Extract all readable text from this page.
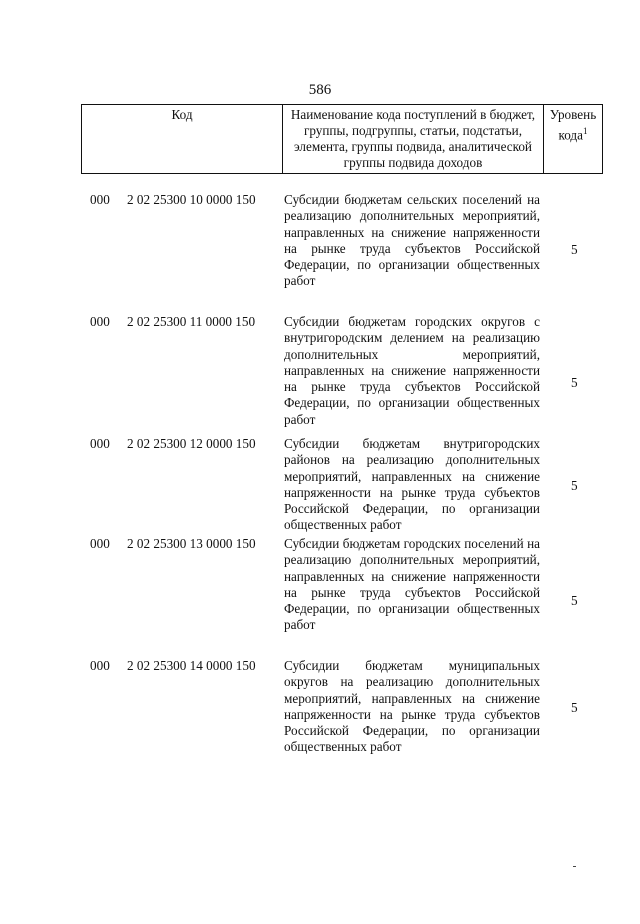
586
Код	Наименование кода поступлений в бюджет, группы, подгруппы, статьи, подстатьи, элемента, группы подвида, аналитической группы подвида доходов
Уровень кода$^1$
000 2 02 25300 10 0000 150 Субсидии бюджетам сельских поселений на реализацию дополнительных мероприятий, направленных на снижение напряженности на рынке труда субъектов Российской Федерации, по организации общественных работ
5
000 2 02 25300 11 0000 150 Субсидии бюджетам городских округов с внутригородским делением на реализацию дополнительных мероприятий, направленных на снижение напряженности на рынке труда субъектов Российской Федерации, по организации общественных работ
5
000 2 02 25300 12 0000 150 Субсидии бюджетам внутригородских районов на реализацию дополнительных мероприятий, направленных на снижение напряженности на рынке труда субъектов Российской Федерации, по организации общественных работ
5
000 2 02 25300 13 0000 150 Субсидии бюджетам городских поселений на реализацию дополнительных мероприятий, направленных на снижение напряженности на рынке труда субъектов Российской Федерации, по организации общественных работ
5
000 2 02 25300 14 0000 150 Субсидии бюджетам муниципальных округов на реализацию дополнительных мероприятий, направленных на снижение напряженности на рынке труда субъектов Российской Федерации, по организации общественных работ
5
